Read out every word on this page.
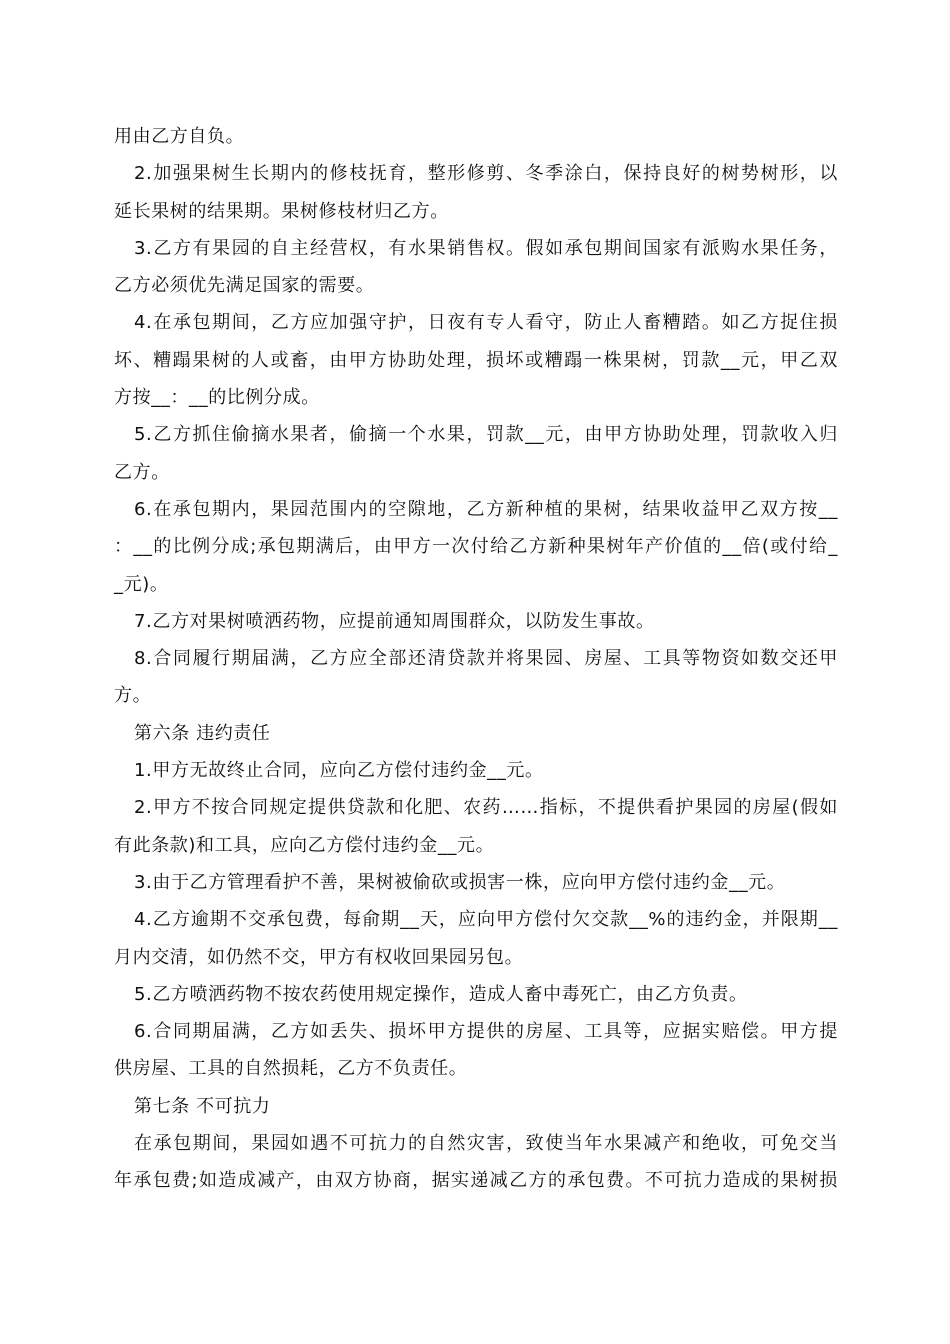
用由乙方自负。
2.加强果树生长期内的修枝抚育，整形修剪、冬季涂白，保持良好的树势树形，以
延长果树的结果期。果树修枝材归乙方。
3.乙方有果园的自主经营权，有水果销售权。假如承包期间国家有派购水果任务，
乙方必须优先满足国家的需要。
4.在承包期间，乙方应加强守护，日夜有专人看守，防止人畜糟踏。如乙方捉住损
坏、糟蹋果树的人或畜，由甲方协助处理，损坏或糟蹋一株果树，罚款__元，甲乙双
方按__：__的比例分成。
5.乙方抓住偷摘水果者，偷摘一个水果，罚款__元，由甲方协助处理，罚款收入归
乙方。
6.在承包期内，果园范围内的空隙地，乙方新种植的果树，结果收益甲乙双方按__
：__的比例分成;承包期满后，由甲方一次付给乙方新种果树年产价值的__倍(或付给_
_元)。
7.乙方对果树喷洒药物，应提前通知周围群众，以防发生事故。
8.合同履行期届满，乙方应全部还清贷款并将果园、房屋、工具等物资如数交还甲
方。
第六条 违约责任
1.甲方无故终止合同，应向乙方偿付违约金__元。
2.甲方不按合同规定提供贷款和化肥、农药……指标，不提供看护果园的房屋(假如
有此条款)和工具，应向乙方偿付违约金__元。
3.由于乙方管理看护不善，果树被偷砍或损害一株，应向甲方偿付违约金__元。
4.乙方逾期不交承包费，每俞期__天，应向甲方偿付欠交款__%的违约金，并限期__
月内交清，如仍然不交，甲方有权收回果园另包。
5.乙方喷洒药物不按农药使用规定操作，造成人畜中毒死亡，由乙方负责。
6.合同期届满，乙方如丢失、损坏甲方提供的房屋、工具等，应据实赔偿。甲方提
供房屋、工具的自然损耗，乙方不负责任。
第七条 不可抗力
在承包期间，果园如遇不可抗力的自然灾害，致使当年水果减产和绝收，可免交当
年承包费;如造成减产，由双方协商，据实递减乙方的承包费。不可抗力造成的果树损
